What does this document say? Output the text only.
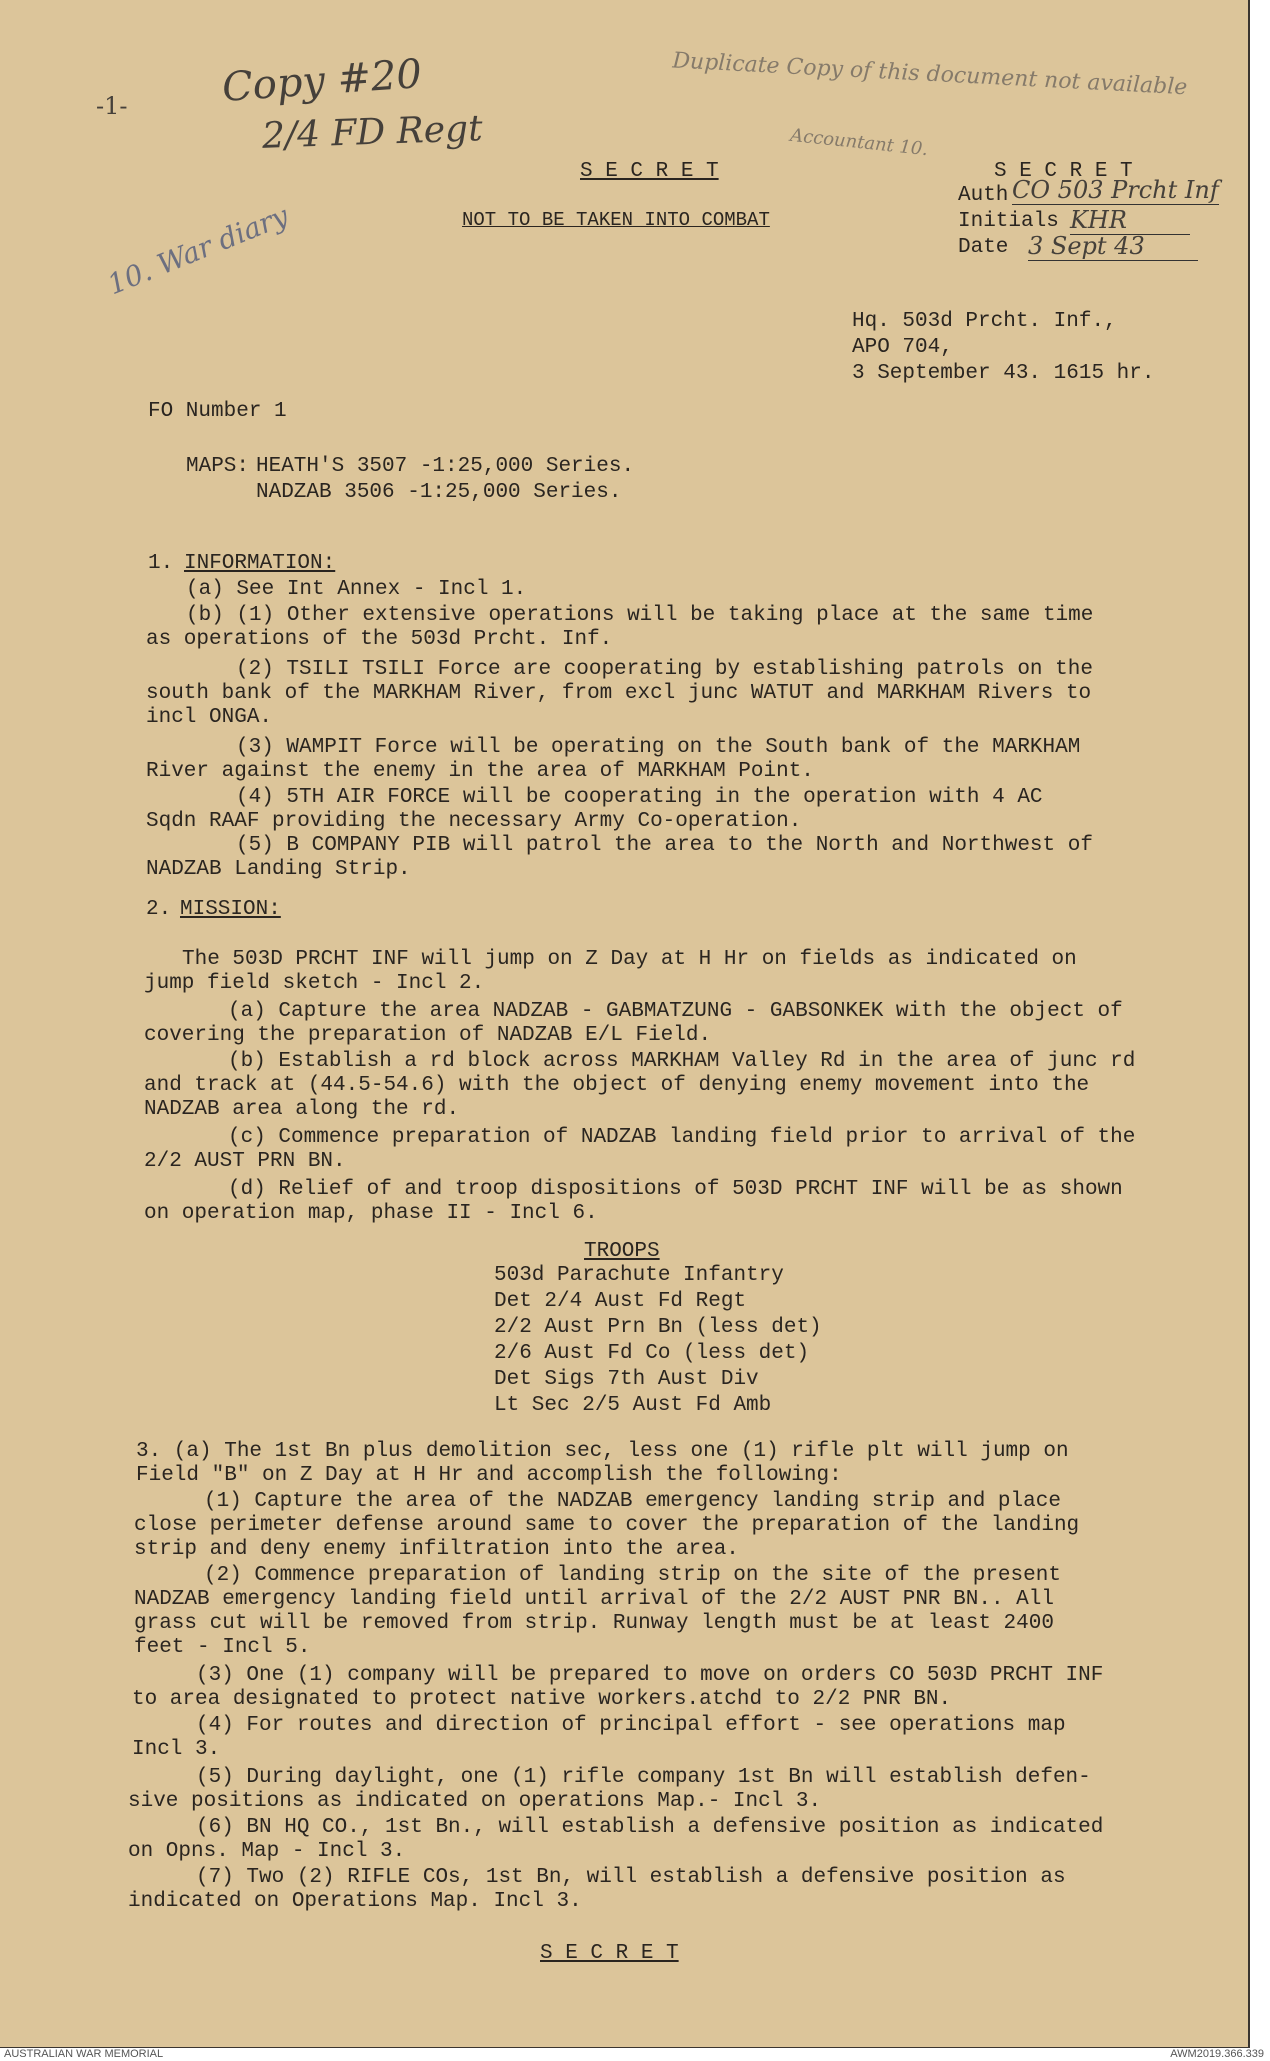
-1- Copy #20
2/4 FD Regt
10. War diary
Duplicate Copy of this document not available
Accountant 10.
S E C R E T
NOT TO BE TAKEN INTO COMBAT
S E C R E T
Auth CO 503 Prcht Inf
Initials KHR
Date 3 Sept 43
Hq. 503d Prcht. Inf.,
APO 704,
3 September 43. 1615 hr.
FO Number 1
MAPS: HEATH'S 3507 -1:25,000 Series.
NADZAB 3506 -1:25,000 Series.
1. INFORMATION:
(a) See Int Annex - Incl 1.
(b) (1) Other extensive operations will be taking place at the same time
as operations of the 503d Prcht. Inf.
(2) TSILI TSILI Force are cooperating by establishing patrols on the
south bank of the MARKHAM River, from excl junc WATUT and MARKHAM Rivers to
incl ONGA.
(3) WAMPIT Force will be operating on the South bank of the MARKHAM
River against the enemy in the area of MARKHAM Point.
(4) 5TH AIR FORCE will be cooperating in the operation with 4 AC
Sqdn RAAF providing the necessary Army Co-operation.
(5) B COMPANY PIB will patrol the area to the North and Northwest of
NADZAB Landing Strip.
2. MISSION:
The 503D PRCHT INF will jump on Z Day at H Hr on fields as indicated on
jump field sketch - Incl 2.
(a) Capture the area NADZAB - GABMATZUNG - GABSONKEK with the object of
covering the preparation of NADZAB E/L Field.
(b) Establish a rd block across MARKHAM Valley Rd in the area of junc rd
and track at (44.5-54.6) with the object of denying enemy movement into the
NADZAB area along the rd.
(c) Commence preparation of NADZAB landing field prior to arrival of the
2/2 AUST PRN BN.
(d) Relief of and troop dispositions of 503D PRCHT INF will be as shown
on operation map, phase II - Incl 6.
TROOPS
503d Parachute Infantry
Det 2/4 Aust Fd Regt
2/2 Aust Prn Bn (less det)
2/6 Aust Fd Co (less det)
Det Sigs 7th Aust Div
Lt Sec 2/5 Aust Fd Amb
3. (a) The 1st Bn plus demolition sec, less one (1) rifle plt will jump on
Field "B" on Z Day at H Hr and accomplish the following:
(1) Capture the area of the NADZAB emergency landing strip and place
close perimeter defense around same to cover the preparation of the landing
strip and deny enemy infiltration into the area.
(2) Commence preparation of landing strip on the site of the present
NADZAB emergency landing field until arrival of the 2/2 AUST PNR BN.. All
grass cut will be removed from strip. Runway length must be at least 2400
feet - Incl 5.
(3) One (1) company will be prepared to move on orders CO 503D PRCHT INF
to area designated to protect native workers.atchd to 2/2 PNR BN.
(4) For routes and direction of principal effort - see operations map
Incl 3.
(5) During daylight, one (1) rifle company 1st Bn will establish defen-
sive positions as indicated on operations Map.- Incl 3.
(6) BN HQ CO., 1st Bn., will establish a defensive position as indicated
on Opns. Map - Incl 3.
(7) Two (2) RIFLE COs, 1st Bn, will establish a defensive position as
indicated on Operations Map. Incl 3.
S E C R E T
AUSTRALIAN WAR MEMORIAL	AWM2019.366.339
